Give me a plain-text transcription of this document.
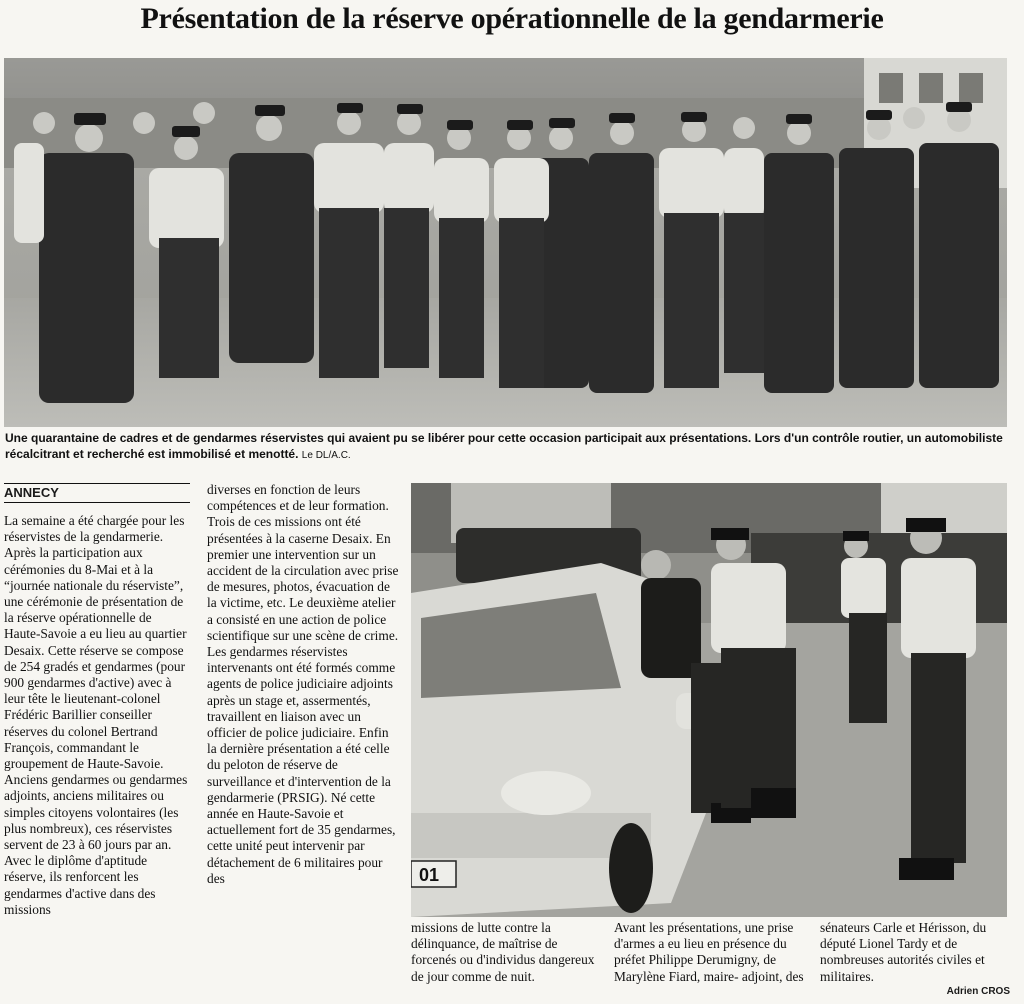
Présentation de la réserve opérationnelle de la gendarmerie
Une quarantaine de cadres et de gendarmes réservistes qui avaient pu se libérer pour cette occasion participait aux présentations. Lors d'un contrôle routier, un automobiliste récalcitrant et recherché est immobilisé et menotté. Le DL/A.C.
ANNECY

La semaine a été chargée pour les réservistes de la gendarmerie. Après la participation aux cérémonies du 8-Mai et à la “journée nationale du réserviste”, une cérémonie de présentation de la réserve opérationnelle de Haute-Savoie a eu lieu au quartier Desaix. Cette réserve se compose de 254 gradés et gendarmes (pour 900 gendarmes d'active) avec à leur tête le lieutenant-colonel Frédéric Barillier conseiller réserves du colonel Bertrand François, commandant le groupement de Haute-Savoie. Anciens gendarmes ou gendarmes adjoints, anciens militaires ou simples citoyens volontaires (les plus nombreux), ces réservistes servent de 23 à 60 jours par an. Avec le diplôme d'aptitude réserve, ils renforcent les gendarmes d'active dans des missions

diverses en fonction de leurs compétences et de leur formation. Trois de ces missions ont été présentées à la caserne Desaix. En premier une intervention sur un accident de la circulation avec prise de mesures, photos, évacuation de la victime, etc. Le deuxième atelier a consisté en une action de police scientifique sur une scène de crime. Les gendarmes réservistes intervenants ont été formés comme agents de police judiciaire adjoints après un stage et, assermentés, travaillent en liaison avec un officier de police judiciaire. Enfin la dernière présentation a été celle du peloton de réserve de surveillance et d'intervention de la gendarmerie (PRSIG). Né cette année en Haute-Savoie et actuellement fort de 35 gendarmes, cette unité peut intervenir par détachement de 6 militaires pour des	01

missions de lutte contre la délinquance, de maîtrise de forcenés ou d'individus dangereux de jour comme de nuit.

Avant les présentations, une prise d'armes a eu lieu en présence du préfet Philippe Derumigny, de Marylène Fiard, maire- adjoint, des

sénateurs Carle et Hérisson, du député Lionel Tardy et de nombreuses autorités civiles et militaires.

Adrien CROS
